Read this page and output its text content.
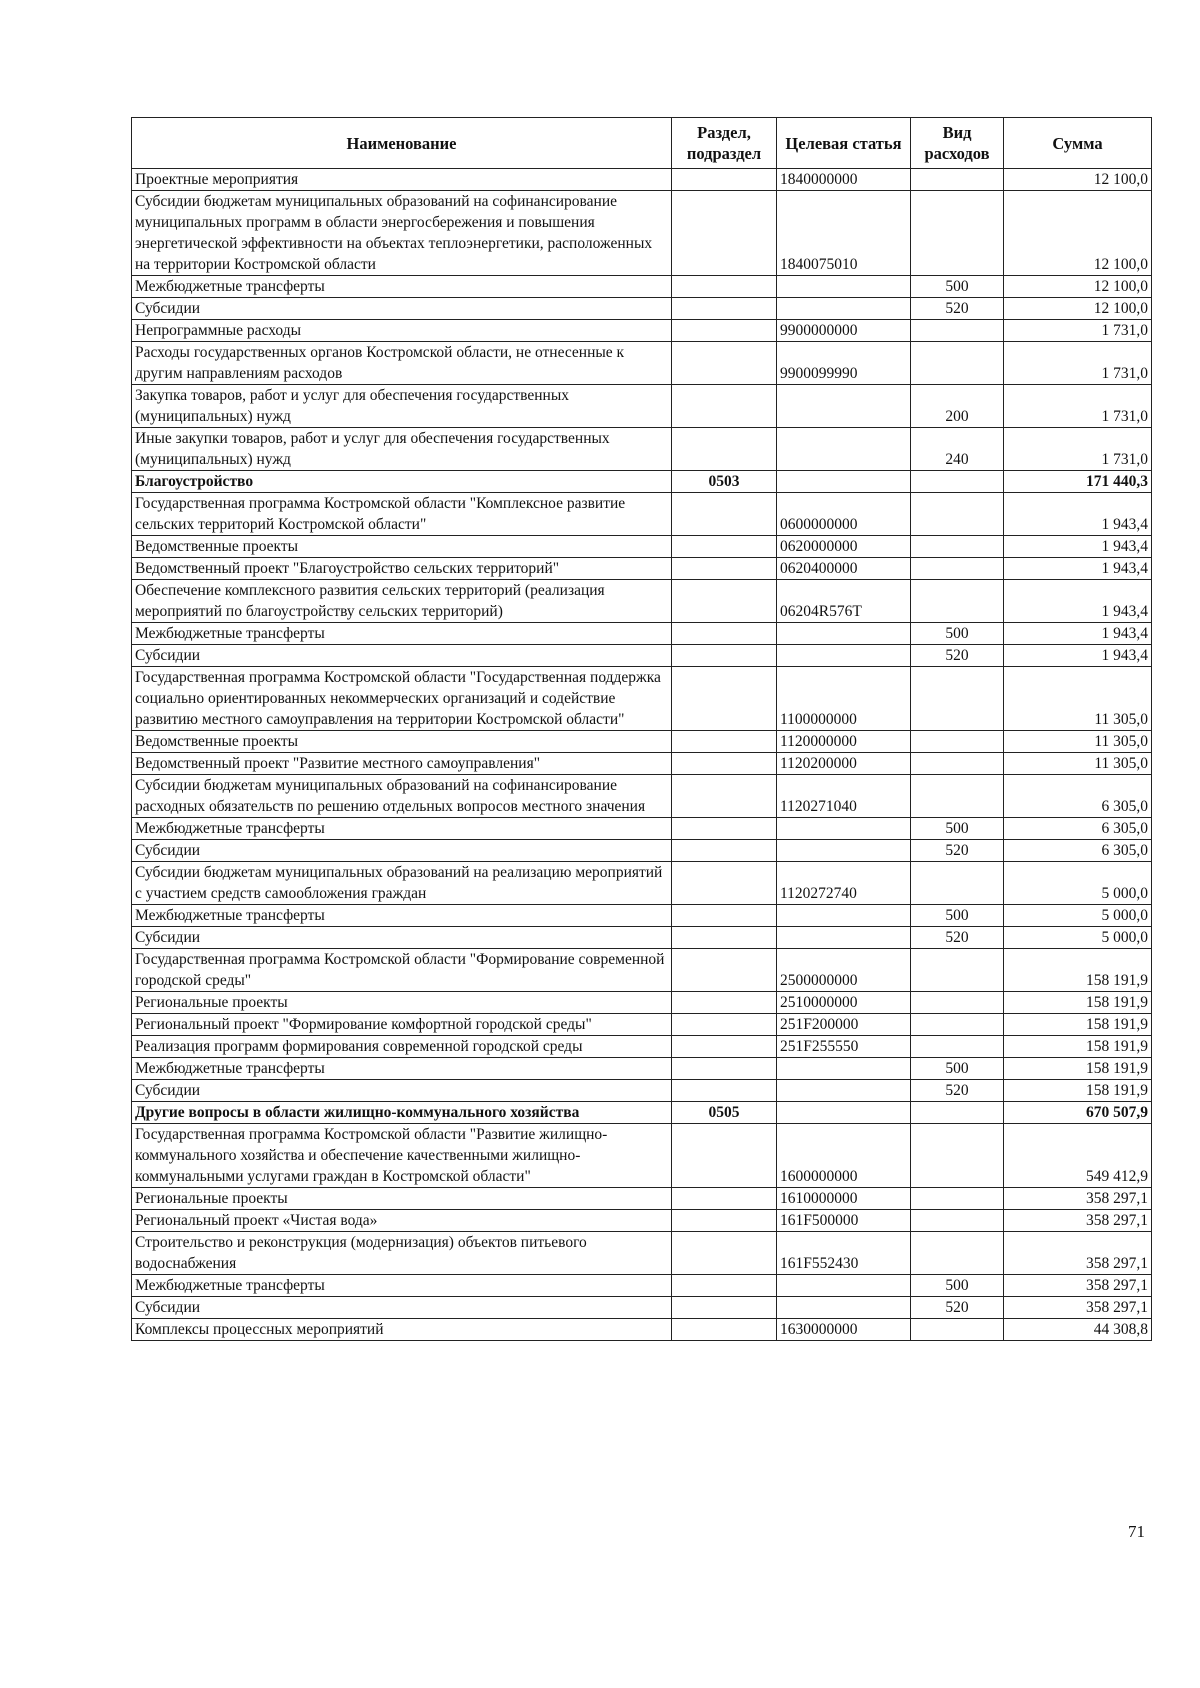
Наименование	Раздел, подраздел	Целевая статья	Вид расходов	Сумма
Проектные мероприятия		1840000000		12 100,0
Субсидии бюджетам муниципальных образований на софинансирование муниципальных программ в области энергосбережения и повышения энергетической эффективности на объектах теплоэнергетики, расположенных на территории Костромской области		1840075010		12 100,0
Межбюджетные трансферты			500	12 100,0
Субсидии			520	12 100,0
Непрограммные расходы		9900000000		1 731,0
Расходы государственных органов Костромской области, не отнесенные к другим направлениям расходов		9900099990		1 731,0
Закупка товаров, работ и услуг для обеспечения государственных (муниципальных) нужд			200	1 731,0
Иные закупки товаров, работ и услуг для обеспечения государственных (муниципальных) нужд			240	1 731,0
Благоустройство	0503			171 440,3
Государственная программа Костромской области "Комплексное развитие сельских территорий Костромской области"		0600000000		1 943,4
Ведомственные проекты		0620000000		1 943,4
Ведомственный проект "Благоустройство сельских территорий"		0620400000		1 943,4
Обеспечение комплексного развития сельских территорий (реализация мероприятий по благоустройству сельских территорий)		06204R576T		1 943,4
Межбюджетные трансферты			500	1 943,4
Субсидии			520	1 943,4
Государственная программа Костромской области "Государственная поддержка социально ориентированных некоммерческих организаций и содействие развитию местного самоуправления на территории Костромской области"		1100000000		11 305,0
Ведомственные проекты		1120000000		11 305,0
Ведомственный проект "Развитие местного самоуправления"		1120200000		11 305,0
Субсидии бюджетам муниципальных образований на софинансирование расходных обязательств по решению отдельных вопросов местного значения		1120271040		6 305,0
Межбюджетные трансферты			500	6 305,0
Субсидии			520	6 305,0
Субсидии бюджетам муниципальных образований на реализацию мероприятий с участием средств самообложения граждан		1120272740		5 000,0
Межбюджетные трансферты			500	5 000,0
Субсидии			520	5 000,0
Государственная программа Костромской области "Формирование современной городской среды"		2500000000		158 191,9
Региональные проекты		2510000000		158 191,9
Региональный проект "Формирование комфортной городской среды"		251F200000		158 191,9
Реализация программ формирования современной городской среды		251F255550		158 191,9
Межбюджетные трансферты			500	158 191,9
Субсидии			520	158 191,9
Другие вопросы в области жилищно-коммунального хозяйства	0505			670 507,9
Государственная программа Костромской области "Развитие жилищно-коммунального хозяйства и обеспечение качественными жилищно-коммунальными услугами граждан в Костромской области"		1600000000		549 412,9
Региональные проекты		1610000000		358 297,1
Региональный проект «Чистая вода»		161F500000		358 297,1
Строительство и реконструкция (модернизация) объектов питьевого водоснабжения		161F552430		358 297,1
Межбюджетные трансферты			500	358 297,1
Субсидии			520	358 297,1
Комплексы процессных мероприятий		1630000000		44 308,8
71
